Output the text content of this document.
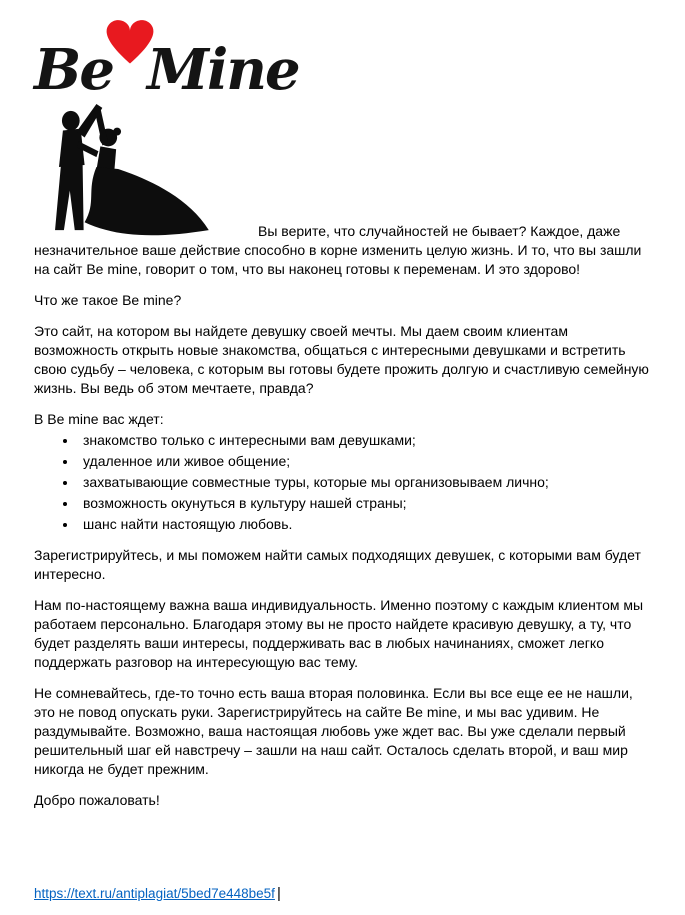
Be Mine

Вы верите, что случайностей не бывает? Каждое, даже незначительное ваше действие способно в корне изменить целую жизнь. И то, что вы зашли на сайт Be mine, говорит о том, что вы наконец готовы к переменам. И это здорово!

Что же такое Be mine?

Это сайт, на котором вы найдете девушку своей мечты. Мы даем своим клиентам возможность открыть новые знакомства, общаться с интересными девушками и встретить свою судьбу – человека, с которым вы готовы будете прожить долгую и счастливую семейную жизнь. Вы ведь об этом мечтаете, правда?

В Be mine вас ждет:

• знакомство только с интересными вам девушками;
• удаленное или живое общение;
• захватывающие совместные туры, которые мы организовываем лично;
• возможность окунуться в культуру нашей страны;
• шанс найти настоящую любовь.

Зарегистрируйтесь, и мы поможем найти самых подходящих девушек, с которыми вам будет интересно.

Нам по-настоящему важна ваша индивидуальность. Именно поэтому с каждым клиентом мы работаем персонально. Благодаря этому вы не просто найдете красивую девушку, а ту, что будет разделять ваши интересы, поддерживать вас в любых начинаниях, сможет легко поддержать разговор на интересующую вас тему.

Не сомневайтесь, где-то точно есть ваша вторая половинка. Если вы все еще ее не нашли, это не повод опускать руки. Зарегистрируйтесь на сайте Be mine, и мы вас удивим. Не раздумывайте. Возможно, ваша настоящая любовь уже ждет вас. Вы уже сделали первый решительный шаг ей навстречу – зашли на наш сайт. Осталось сделать второй, и ваш мир никогда не будет прежним.

Добро пожаловать!

https://text.ru/antiplagiat/5bed7e448be5f |
